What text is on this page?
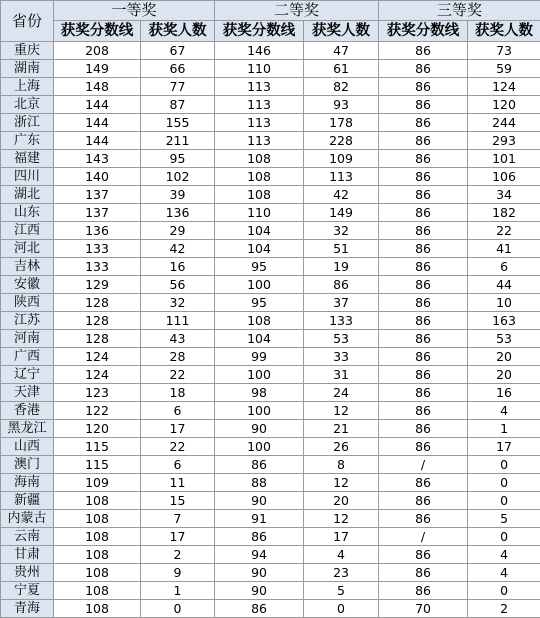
省份	一等奖		二等奖		三等奖	
	获奖分数线	获奖人数	获奖分数线	获奖人数	获奖分数线	获奖人数
重庆	208	67	146	47	86	73
湖南	149	66	110	61	86	59
上海	148	77	113	82	86	124
北京	144	87	113	93	86	120
浙江	144	155	113	178	86	244
广东	144	211	113	228	86	293
福建	143	95	108	109	86	101
四川	140	102	108	113	86	106
湖北	137	39	108	42	86	34
山东	137	136	110	149	86	182
江西	136	29	104	32	86	22
河北	133	42	104	51	86	41
吉林	133	16	95	19	86	6
安徽	129	56	100	86	86	44
陕西	128	32	95	37	86	10
江苏	128	111	108	133	86	163
河南	128	43	104	53	86	53
广西	124	28	99	33	86	20
辽宁	124	22	100	31	86	20
天津	123	18	98	24	86	16
香港	122	6	100	12	86	4
黑龙江	120	17	90	21	86	1
山西	115	22	100	26	86	17
澳门	115	6	86	8	/	0
海南	109	11	88	12	86	0
新疆	108	15	90	20	86	0
内蒙古	108	7	91	12	86	5
云南	108	17	86	17	/	0
甘肃	108	2	94	4	86	4
贵州	108	9	90	23	86	4
宁夏	108	1	90	5	86	0
青海	108	0	86	0	70	2
